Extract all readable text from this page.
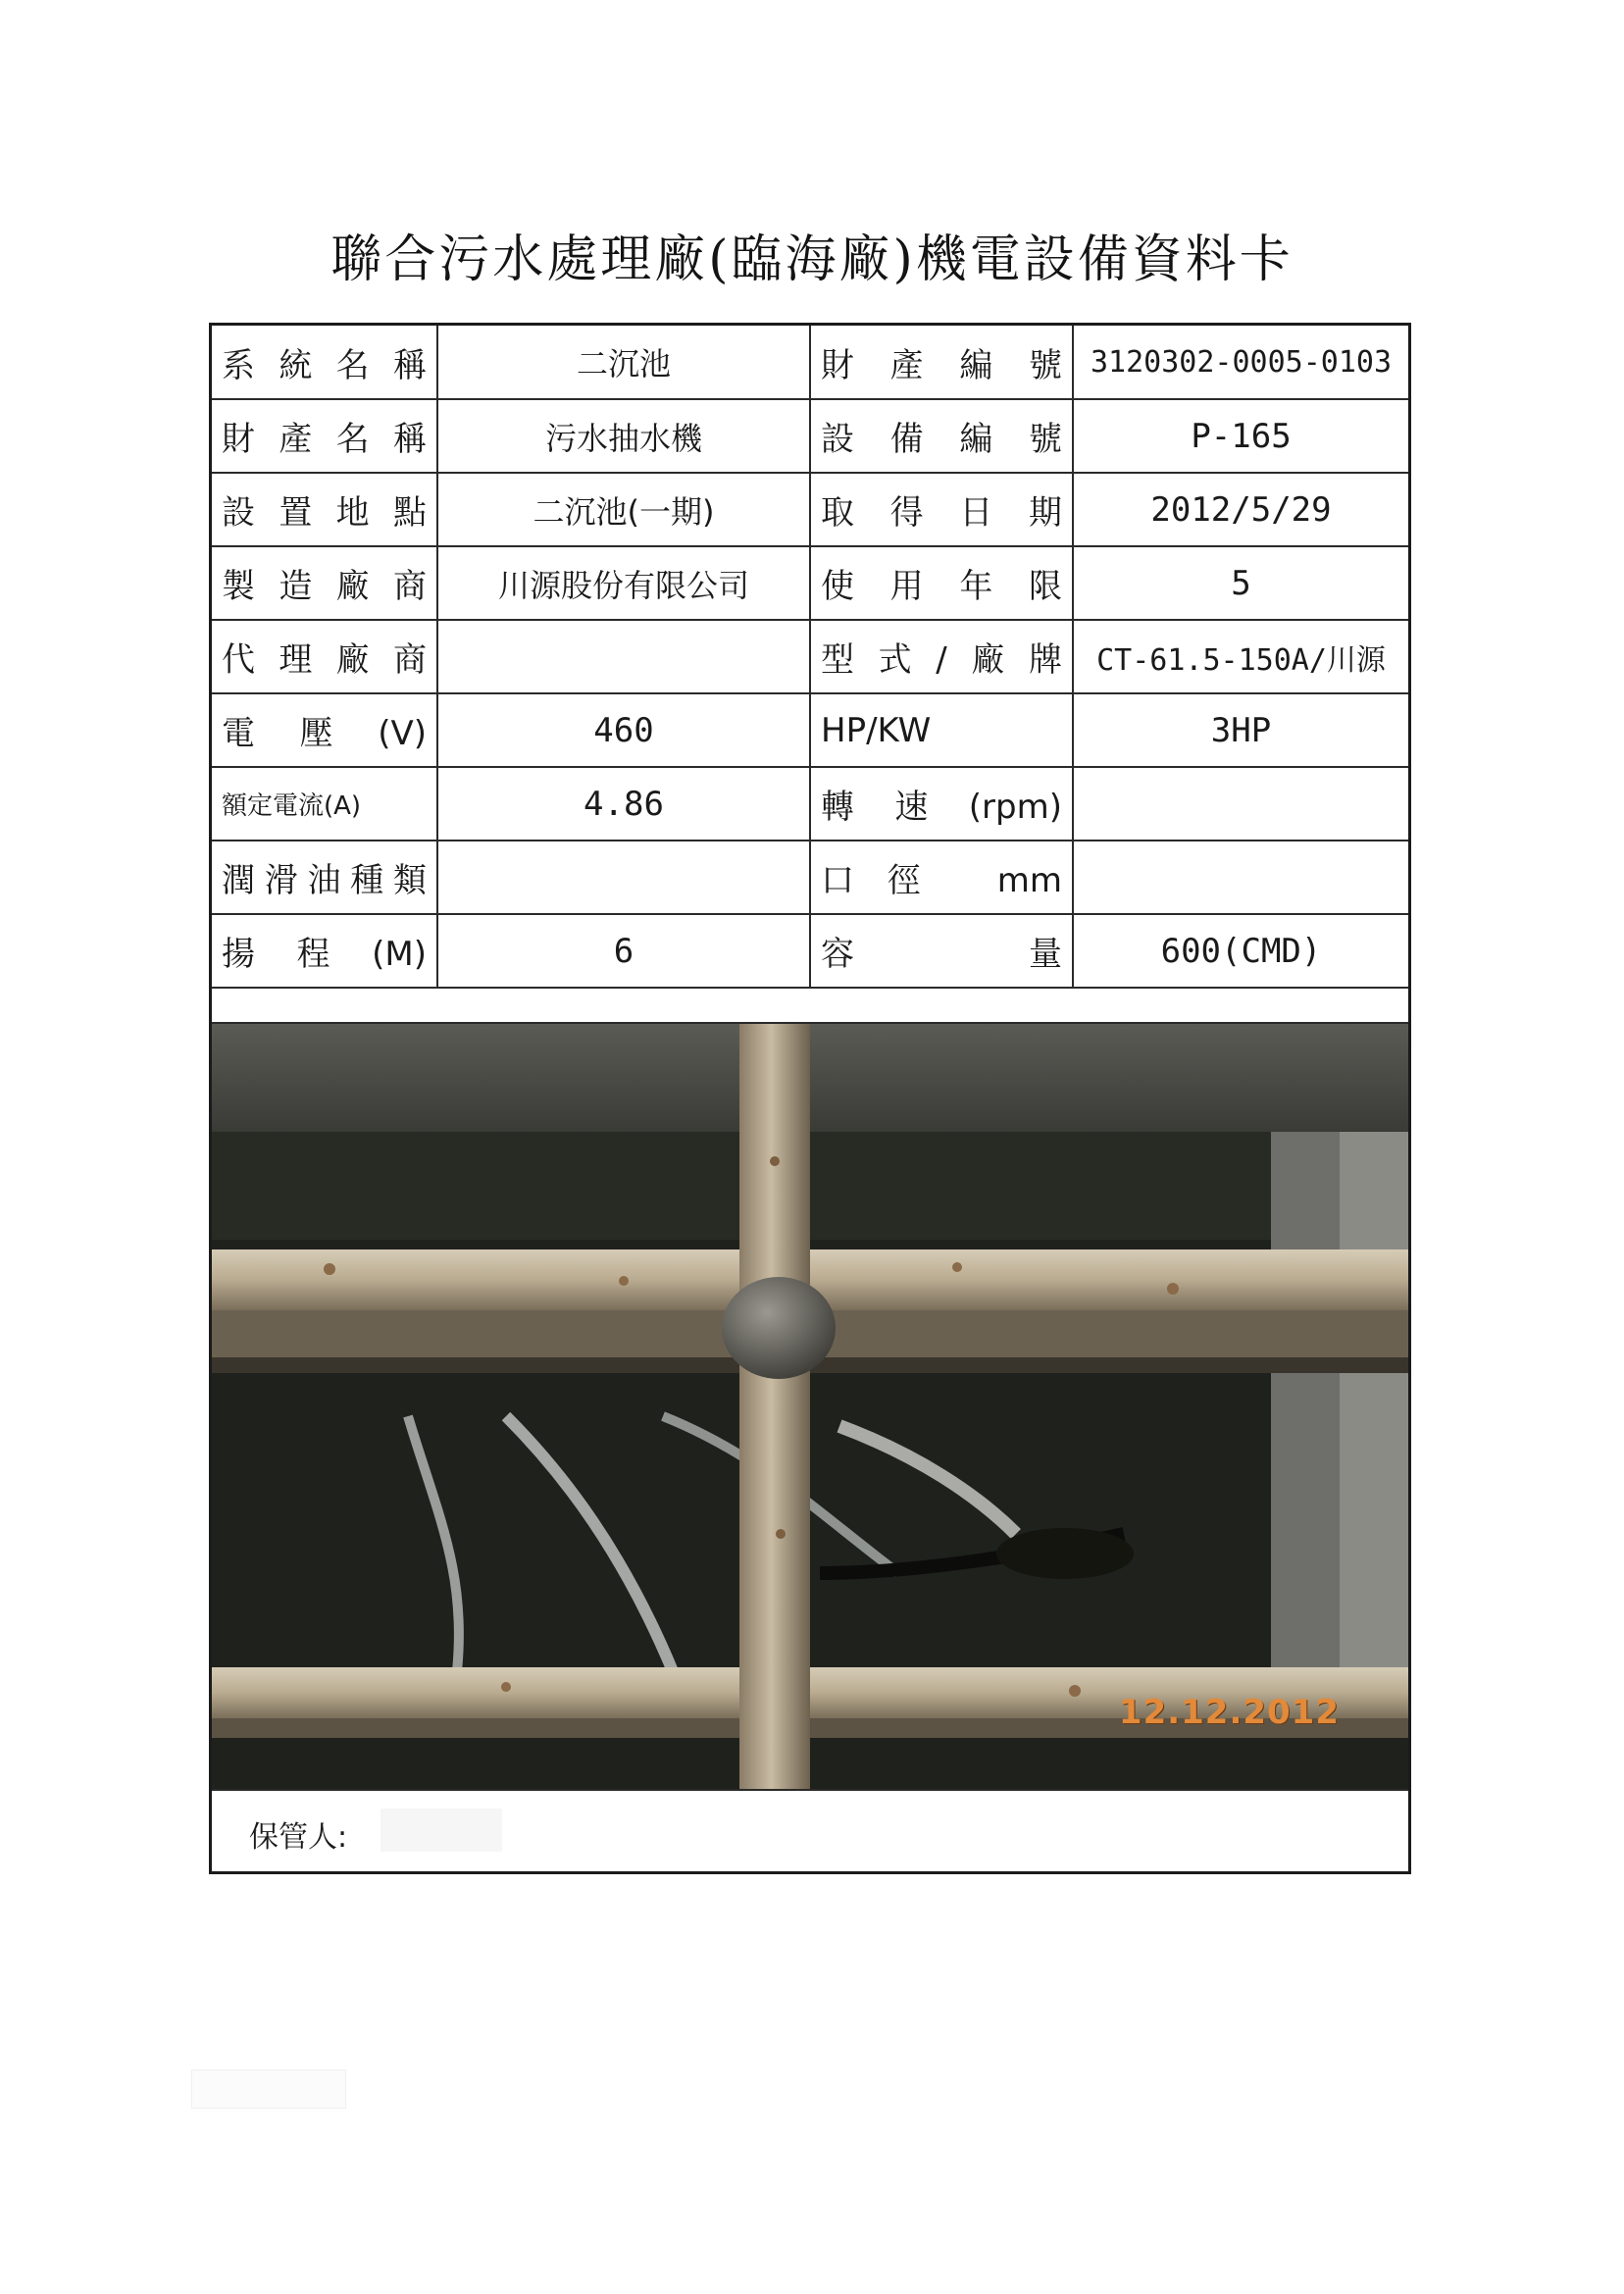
聯合污水處理廠(臨海廠)機電設備資料卡
系統名稱	二沉池	財產編號	3120302-0005-0103
財產名稱	污水抽水機	設備編號	P-165
設置地點	二沉池(一期)	取得日期	2012/5/29
製造廠商	川源股份有限公司	使用年限	5
代理廠商		型式/廠牌	CT-61.5-150A/川源
電壓(V)	460	HP/KW	3HP
額定電流(A)	4.86	轉速(rpm)	
潤滑油種類		口徑 mm	
揚程(M)	6	容量	600(CMD)
12.12.2012
保管人:
